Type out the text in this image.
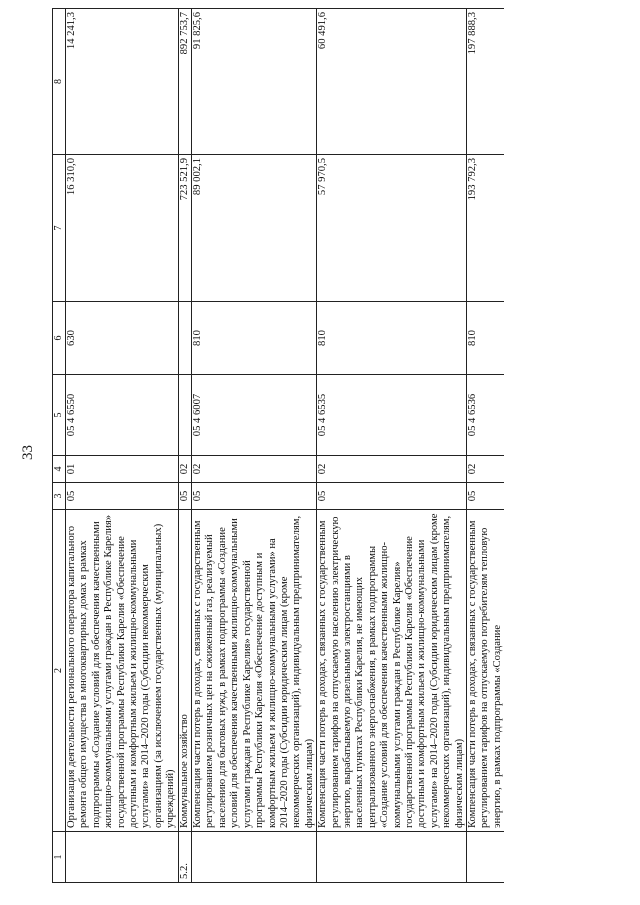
33
1	2	3	4	5	6	7	8
	Организация деятельности регионального оператора капитального ремонта общего имущества в многоквартирных домах в рамках подпрограммы «Создание условий для обеспечения качественными жилищно-коммунальными услугами граждан в Республике Карелия» государственной программы Республики Карелия «Обеспечение доступным и комфортным жильем и жилищно-коммунальными услугами» на 2014–2020 годы (Субсидии некоммерческим организациям (за исключением государственных (муниципальных) учреждений)	05	01	05 4 6550	630	16 310,0	14 241,3

5.2.	Коммунальное хозяйство	05	02			723 521,9	892 753,7

	Компенсация части потерь в доходах, связанных с государственным регулированием розничных цен на сжиженный газ, реализуемый населению для бытовых нужд, в рамках подпрограммы «Создание условий для обеспечения качественными жилищно-коммунальными услугами граждан в Республике Карелия» государственной программы Республики Карелия «Обеспечение доступным и комфортным жильем и жилищно-коммунальными услугами» на 2014–2020 годы (Субсидии юридическим лицам (кроме некоммерческих организаций), индивидуальным предпринимателям, физическим лицам)	05	02	05 4 6007	810	89 002,1	91 825,6

	Компенсация части потерь в доходах, связанных с государственным регулированием тарифов на отпускаемую населению электрическую энергию, вырабатываемую дизельными электростанциями в населенных пунктах Республики Карелия, не имеющих централизованного энергоснабжения, в рамках подпрограммы «Создание условий для обеспечения качественными жилищно-коммунальными услугами граждан в Республике Карелия» государственной программы Республики Карелия «Обеспечение доступным и комфортным жильем и жилищно-коммунальными услугами» на 2014–2020 годы (Субсидии юридическим лицам (кроме некоммерческих организаций), индивидуальным предпринимателям, физическим лицам)	05	02	05 4 6535	810	57 970,5	60 491,6

	Компенсация части потерь в доходах, связанных с государственным регулированием тарифов на отпускаемую потребителям тепловую энергию, в рамках подпрограммы «Создание	05	02	05 4 6536	810	193 792,3	197 888,3
